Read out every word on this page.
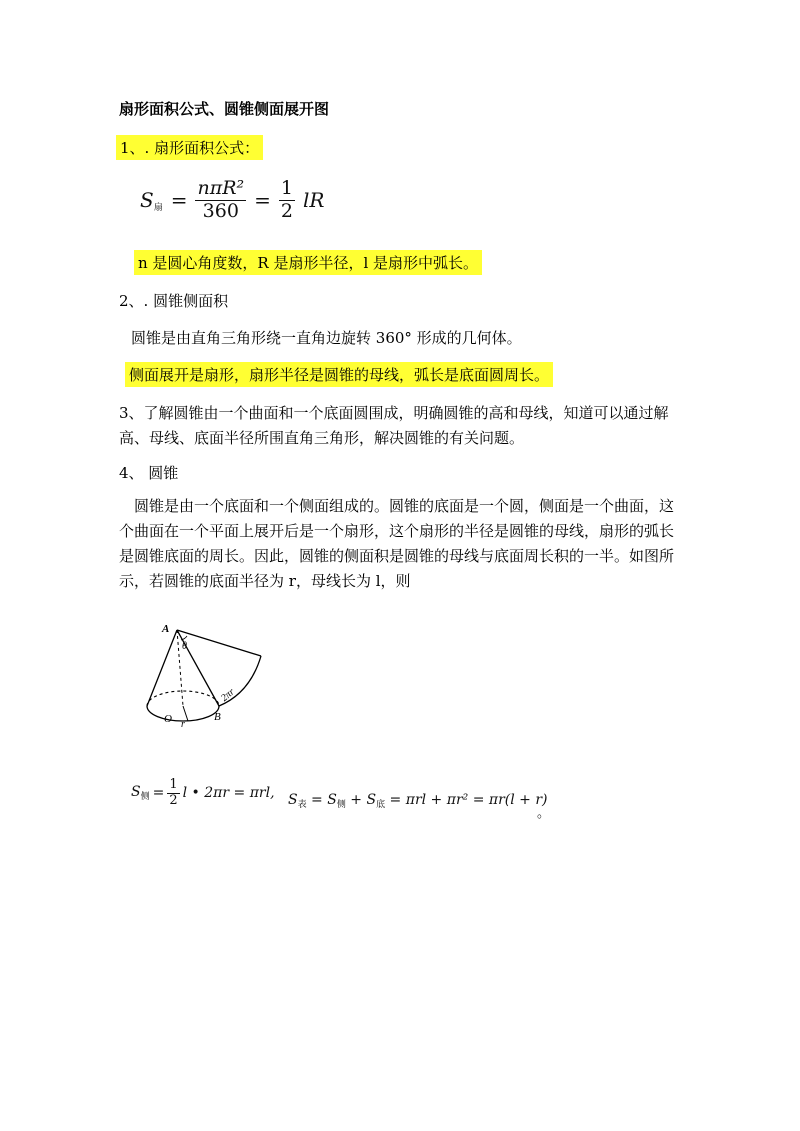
扇形面积公式、圆锥侧面展开图
1、. 扇形面积公式：
$S_扇 = \frac{\text{nπR²}}{360} = \frac{1}{2}$ lR
n 是圆心角度数，R 是扇形半径，l 是扇形中弧长。
2、. 圆锥侧面积
圆锥是由直角三角形绕一直角边旋转 360° 形成的几何体。
侧面展开是扇形，扇形半径是圆锥的母线，弧长是底面圆周长。
3、了解圆锥由一个曲面和一个底面圆围成，明确圆锥的高和母线，知道可以通过解高、母线、底面半径所围直角三角形，解决圆锥的有关问题。
4、 圆锥
圆锥是由一个底面和一个侧面组成的。圆锥的底面是一个圆，侧面是一个曲面，这个曲面在一个平面上展开后是一个扇形，这个扇形的半径是圆锥的母线，扇形的弧长是圆锥底面的周长。因此，圆锥的侧面积是圆锥的母线与底面周长积的一半。如图所示，若圆锥的底面半径为 r，母线长为 l，则
A
θ
O r
B
2πr
$S_侧 = \frac{1}{2}$ l • 2πr = πrl, $S_表 = S_侧 + S_底 = \pi rl + \pi r^2 = \pi r(l + r)$
。
